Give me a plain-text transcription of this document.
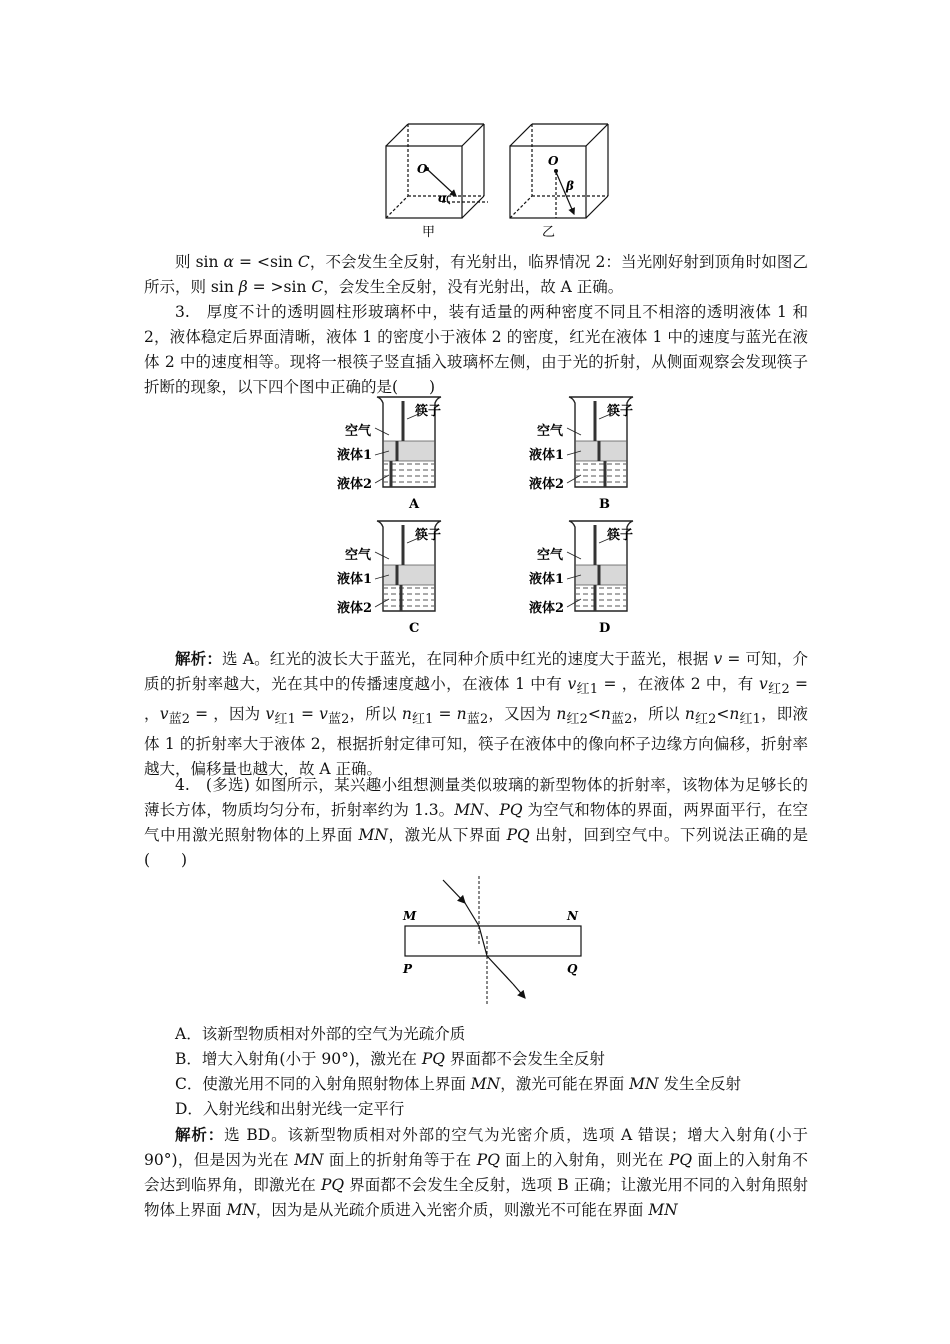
O
α
甲
O
β
乙

则 sin α = <sin C，不会发生全反射，有光射出，临界情况 2：当光刚好射到顶角时如图乙所示，则 sin β = >sin C，会发生全反射，没有光射出，故 A 正确。

3.　厚度不计的透明圆柱形玻璃杯中，装有适量的两种密度不同且不相溶的透明液体 1 和 2，液体稳定后界面清晰，液体 1 的密度小于液体 2 的密度，红光在液体 1 中的速度与蓝光在液体 2 中的速度相等。现将一根筷子竖直插入玻璃杯左侧，由于光的折射，从侧面观察会发现筷子折断的现象，以下四个图中正确的是(　　)

空气
液体1
液体2
筷子
A
空气
液体1
液体2
筷子
B
空气
液体1
液体2
筷子
C
空气
液体1
液体2
筷子
D

解析：选 A。红光的波长大于蓝光，在同种介质中红光的速度大于蓝光，根据 v = 可知，介质的折射率越大，光在其中的传播速度越小，在液体 1 中有 $v_{红1}$ = ，在液体 2 中，有 $v_{红2}$ = ，$v_{蓝2}$ = ，因为 $v_{红1} = v_{蓝2}$，所以 $n_{红1} = n_{蓝2}$，又因为 $n_{红2}<n_{蓝2}$，所以 $n_{红2}<n_{红1}$，即液体 1 的折射率大于液体 2，根据折射定律可知，筷子在液体中的像向杯子边缘方向偏移，折射率越大，偏移量也越大，故 A 正确。

4.　(多选) 如图所示，某兴趣小组想测量类似玻璃的新型物体的折射率，该物体为足够长的薄长方体，物质均匀分布，折射率约为 1.3。MN、PQ 为空气和物体的界面，两界面平行，在空气中用激光照射物体的上界面 MN，激光从下界面 PQ 出射，回到空气中。下列说法正确的是(　　)

M	N
P	Q

A．该新型物质相对外部的空气为光疏介质

B．增大入射角(小于 90°)，激光在 PQ 界面都不会发生全反射

C．使激光用不同的入射角照射物体上界面 MN，激光可能在界面 MN 发生全反射

D．入射光线和出射光线一定平行

解析：选 BD。该新型物质相对外部的空气为光密介质，选项 A 错误；增大入射角(小于 90°)，但是因为光在 MN 面上的折射角等于在 PQ 面上的入射角，则光在 PQ 面上的入射角不会达到临界角，即激光在 PQ 界面都不会发生全反射，选项 B 正确；让激光用不同的入射角照射物体上界面 MN，因为是从光疏介质进入光密介质，则激光不可能在界面 MN
